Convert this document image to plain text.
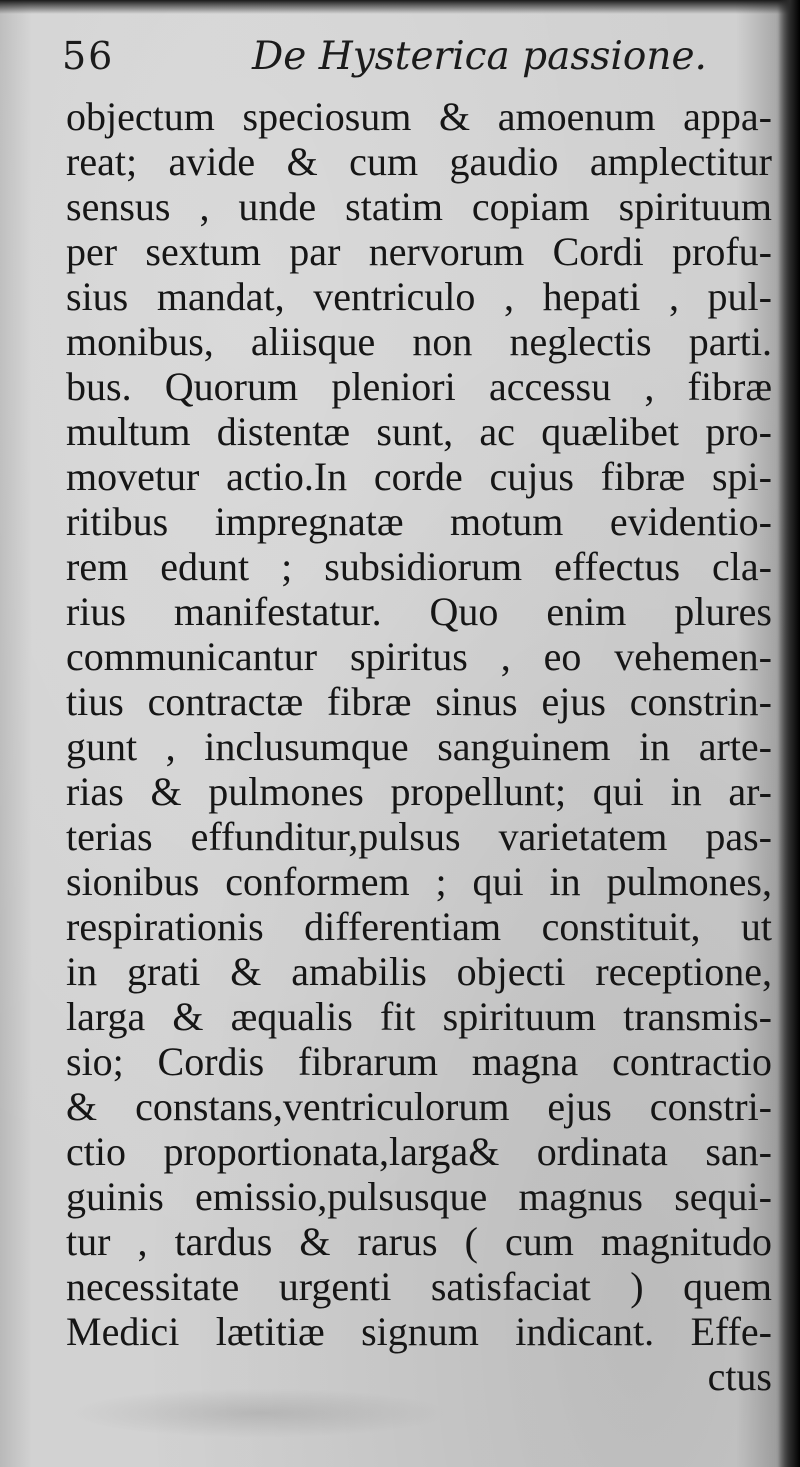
56	De Hysterica passione.
objectum speciosum & amoenum appa-
reat; avide & cum gaudio amplectitur
sensus , unde statim copiam spirituum
per sextum par nervorum Cordi profu-
sius mandat, ventriculo , hepati , pul-
monibus, aliisque non neglectis parti.
bus. Quorum pleniori accessu , fibræ
multum distentæ sunt, ac quælibet pro-
movetur actio.In corde cujus fibræ spi-
ritibus impregnatæ motum evidentio-
rem edunt ; subsidiorum effectus cla-
rius manifestatur. Quo enim plures
communicantur spiritus , eo vehemen-
tius contractæ fibræ sinus ejus constrin-
gunt , inclusumque sanguinem in arte-
rias & pulmones propellunt; qui in ar-
terias effunditur,pulsus varietatem pas-
sionibus conformem ; qui in pulmones,
respirationis differentiam constituit, ut
in grati & amabilis objecti receptione,
larga & æqualis fit spirituum transmis-
sio; Cordis fibrarum magna contractio
& constans,ventriculorum ejus constri-
ctio proportionata,larga& ordinata san-
guinis emissio,pulsusque magnus sequi-
tur , tardus & rarus ( cum magnitudo
necessitate urgenti satisfaciat ) quem
Medici lætitiæ signum indicant. Effe-
ctus
